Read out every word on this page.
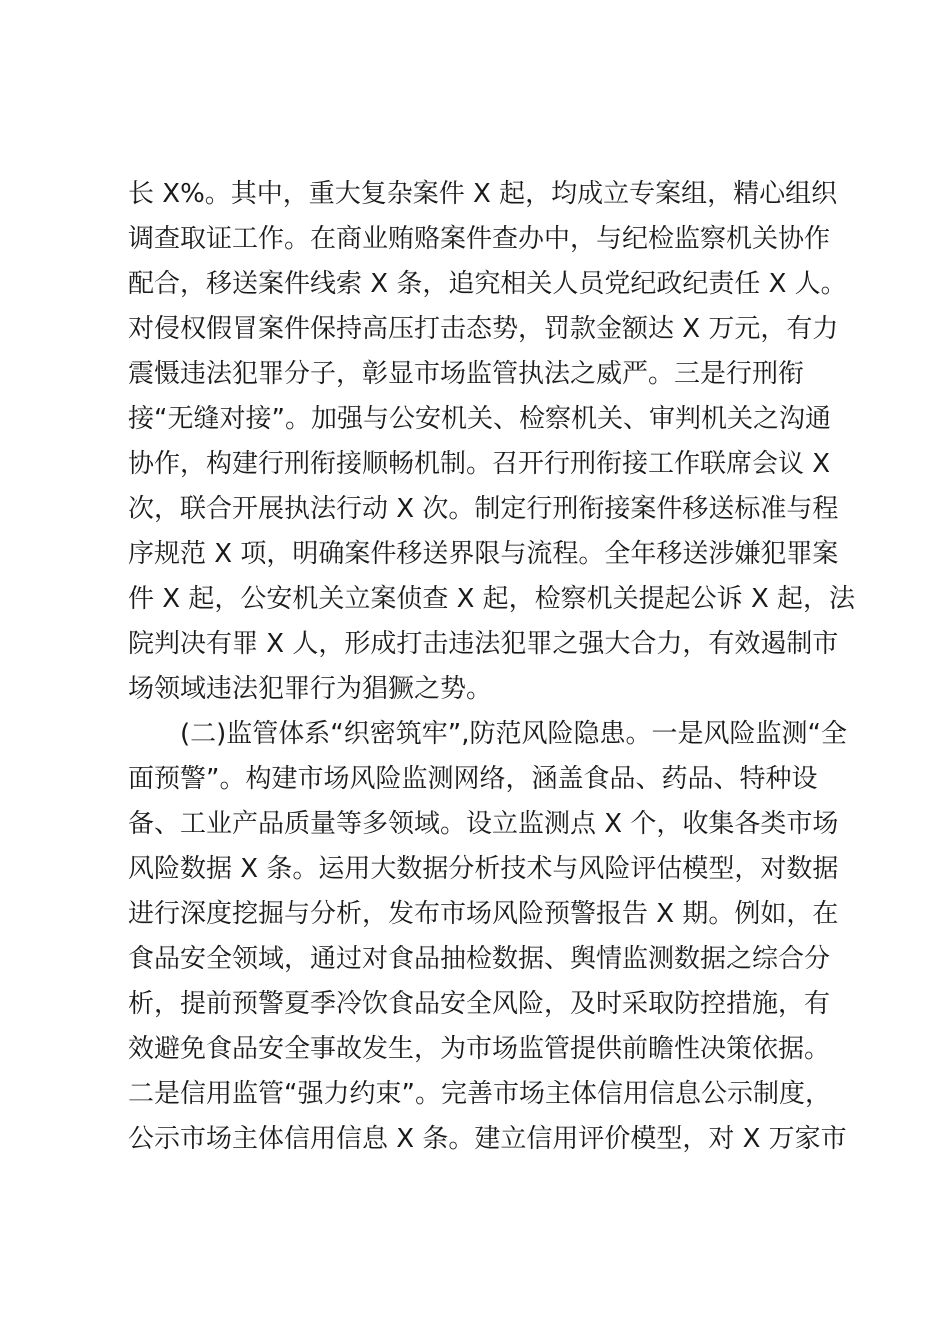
长 X%。其中，重大复杂案件 X 起，均成立专案组，精心组织
调查取证工作。在商业贿赂案件查办中，与纪检监察机关协作
配合，移送案件线索 X 条，追究相关人员党纪政纪责任 X 人。
对侵权假冒案件保持高压打击态势，罚款金额达 X 万元，有力
震慑违法犯罪分子，彰显市场监管执法之威严。三是行刑衔
接“无缝对接”。加强与公安机关、检察机关、审判机关之沟通
协作，构建行刑衔接顺畅机制。召开行刑衔接工作联席会议 X
次，联合开展执法行动 X 次。制定行刑衔接案件移送标准与程
序规范 X 项，明确案件移送界限与流程。全年移送涉嫌犯罪案
件 X 起，公安机关立案侦查 X 起，检察机关提起公诉 X 起，法
院判决有罪 X 人，形成打击违法犯罪之强大合力，有效遏制市
场领域违法犯罪行为猖獗之势。
(二)监管体系“织密筑牢”,防范风险隐患。一是风险监测“全
面预警”。构建市场风险监测网络，涵盖食品、药品、特种设
备、工业产品质量等多领域。设立监测点 X 个，收集各类市场
风险数据 X 条。运用大数据分析技术与风险评估模型，对数据
进行深度挖掘与分析，发布市场风险预警报告 X 期。例如，在
食品安全领域，通过对食品抽检数据、舆情监测数据之综合分
析，提前预警夏季冷饮食品安全风险，及时采取防控措施，有
效避免食品安全事故发生，为市场监管提供前瞻性决策依据。
二是信用监管“强力约束”。完善市场主体信用信息公示制度，
公示市场主体信用信息 X 条。建立信用评价模型，对 X 万家市
